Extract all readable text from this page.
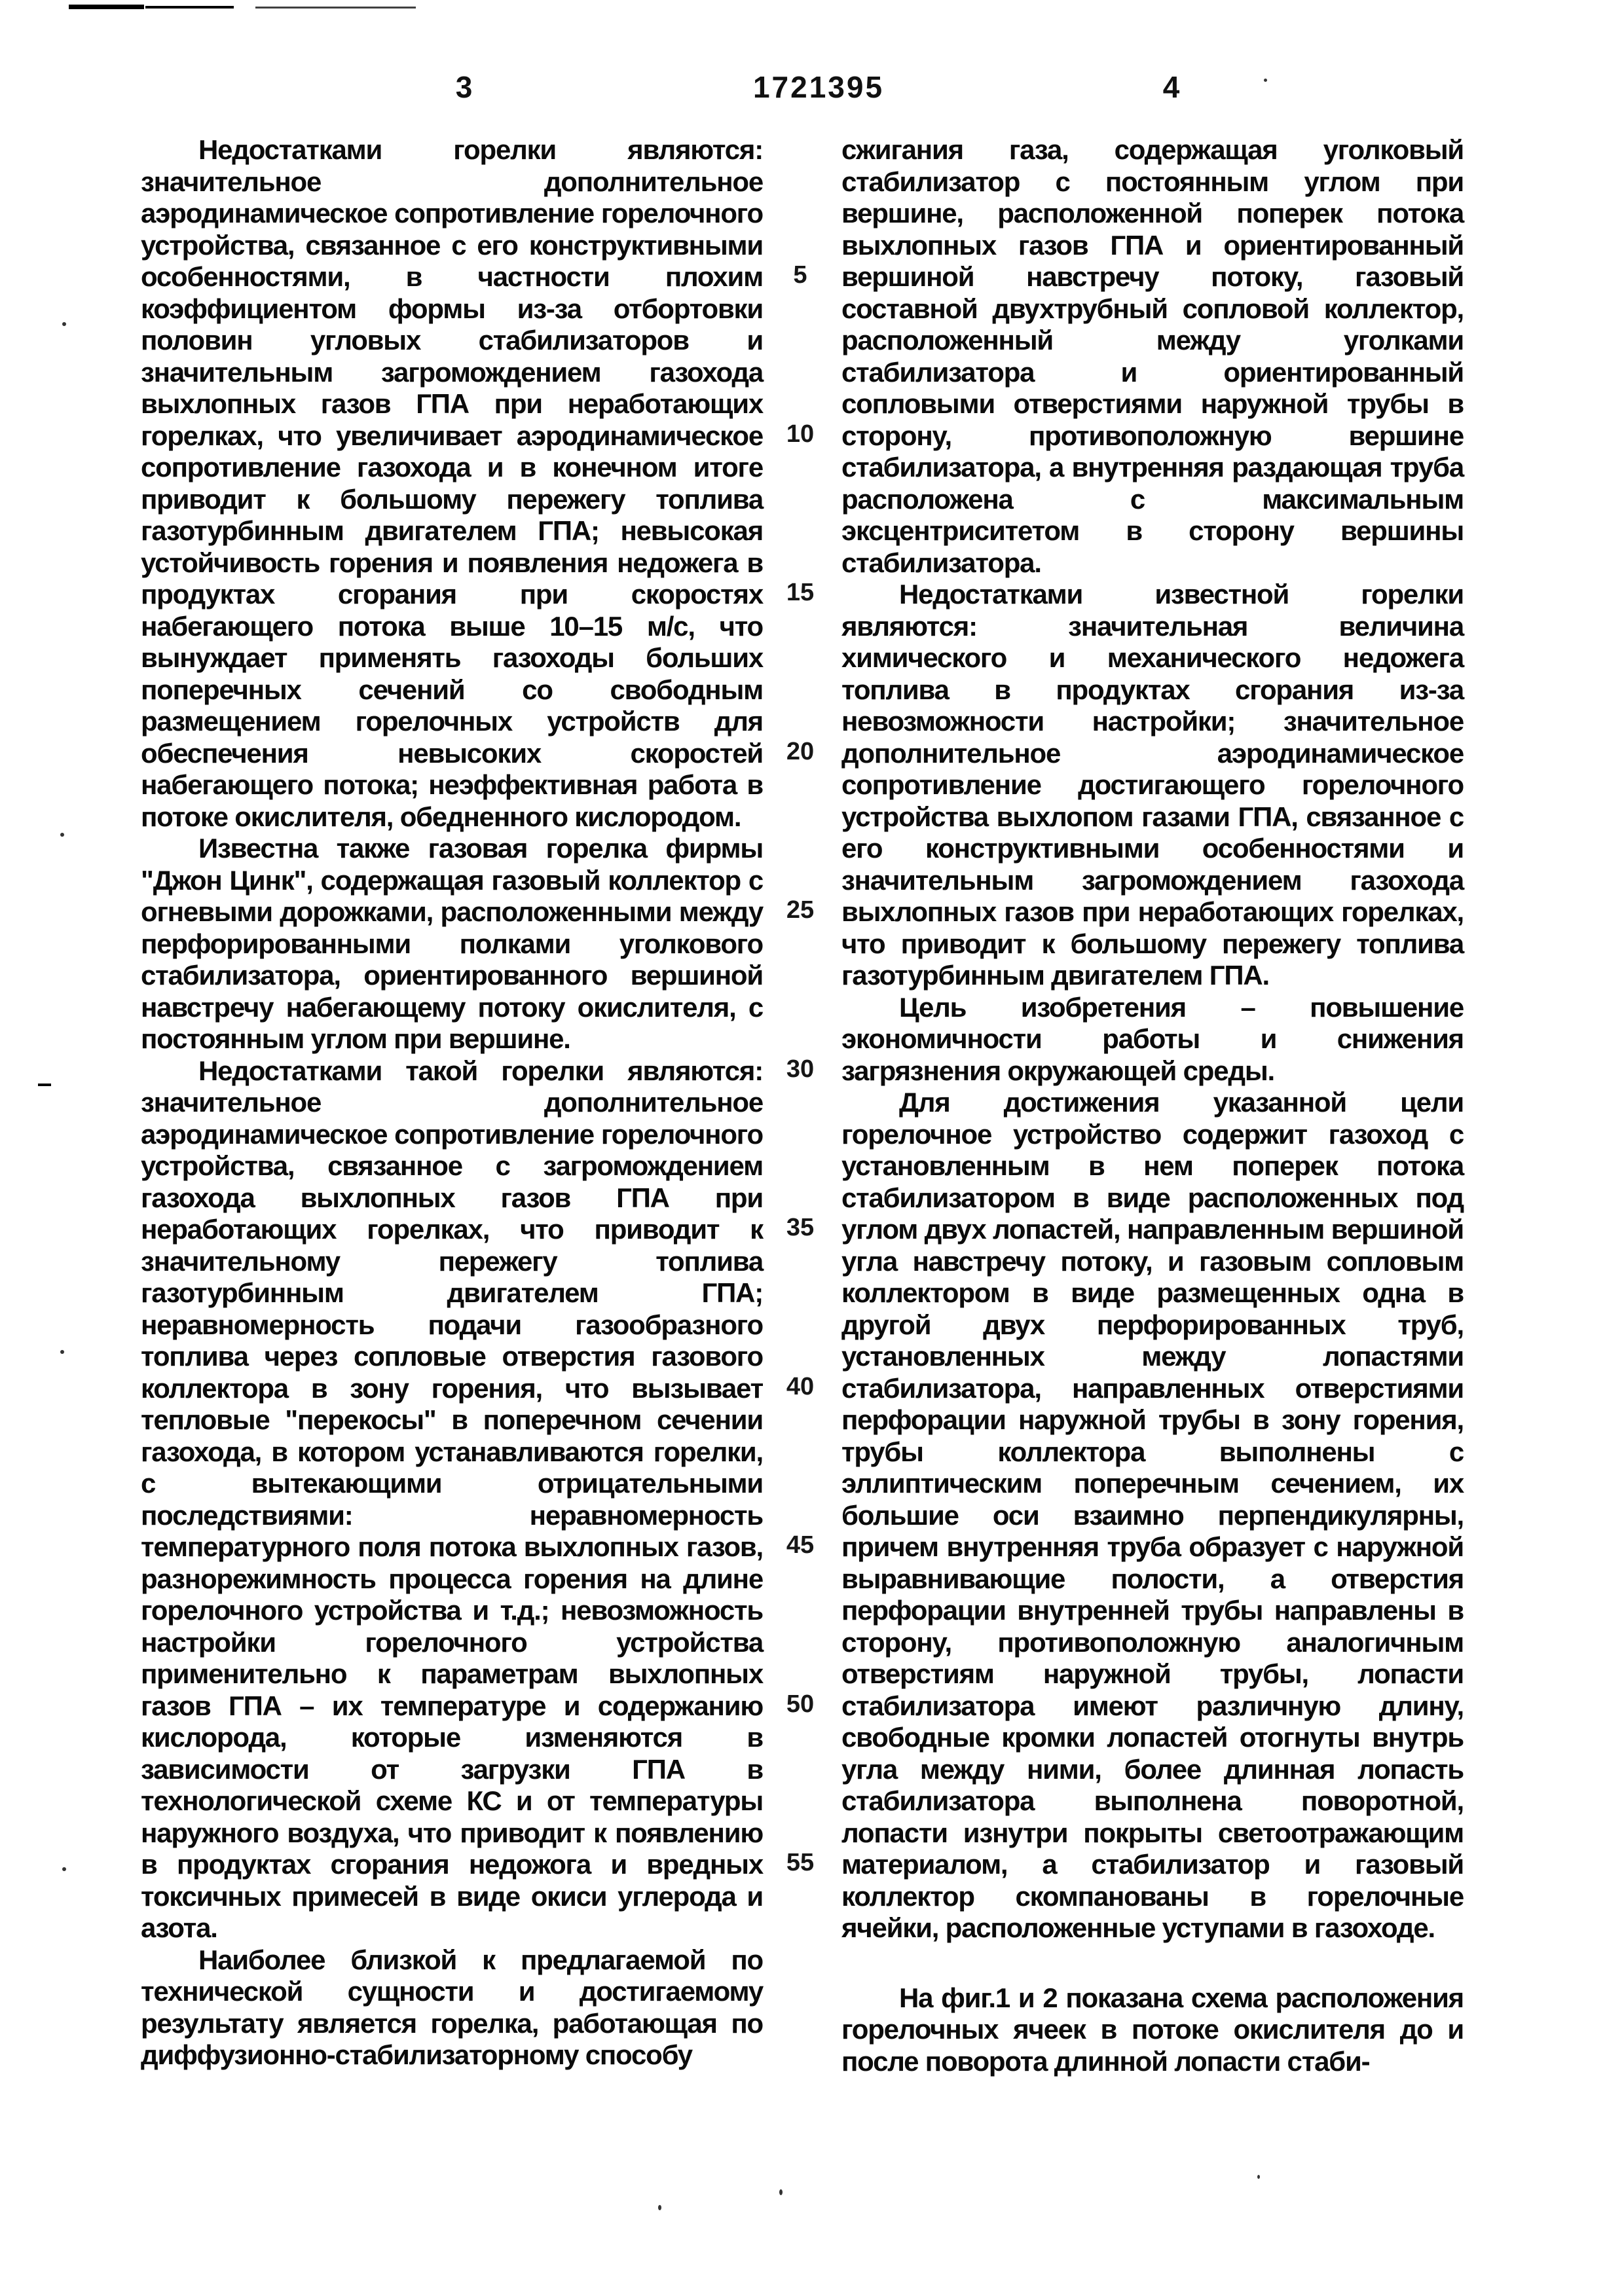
3	1721395	4

Недостатками горелки являются: значительное дополнительное аэродинамическое сопротивление горелочного устройства, связанное с его конструктивными особенностями, в частности плохим коэффициентом формы из-за отбортовки половин угловых стабилизаторов и значительным загромождением газохода выхлопных газов ГПА при неработающих горелках, что увеличивает аэродинамическое сопротивление газохода и в конечном итоге приводит к большому пережегу топлива газотурбинным двигателем ГПА; невысокая устойчивость горения и появления недожега в продуктах сгорания при скоростях набегающего потока выше 10–15 м/с, что вынуждает применять газоходы больших поперечных сечений со свободным размещением горелочных устройств для обеспечения невысоких скоростей набегающего потока; неэффективная работа в потоке окислителя, обедненного кислородом.

Известна также газовая горелка фирмы "Джон Цинк", содержащая газовый коллектор с огневыми дорожками, расположенными между перфорированными полками уголкового стабилизатора, ориентированного вершиной навстречу набегающему потоку окислителя, с постоянным углом при вершине.

Недостатками такой горелки являются: значительное дополнительное аэродинамическое сопротивление горелочного устройства, связанное с загромождением газохода выхлопных газов ГПА при неработающих горелках, что приводит к значительному пережегу топлива газотурбинным двигателем ГПА; неравномерность подачи газообразного топлива через сопловые отверстия газового коллектора в зону горения, что вызывает тепловые "перекосы" в поперечном сечении газохода, в котором устанавливаются горелки, с вытекающими отрицательными последствиями: неравномерность температурного поля потока выхлопных газов, разнорежимность процесса горения на длине горелочного устройства и т.д.; невозможность настройки горелочного устройства применительно к параметрам выхлопных газов ГПА – их температуре и содержанию кислорода, которые изменяются в зависимости от загрузки ГПА в технологической схеме КС и от температуры наружного воздуха, что приводит к появлению в продуктах сгорания недожога и вредных токсичных примесей в виде окиси углерода и азота.

Наиболее близкой к предлагаемой по технической сущности и достигаемому результату является горелка, работающая по диффузионно-стабилизаторному способу

сжигания газа, содержащая уголковый стабилизатор с постоянным углом при вершине, расположенной поперек потока выхлопных газов ГПА и ориентированный вершиной навстречу потоку, газовый составной двухтрубный сопловой коллектор, расположенный между уголками стабилизатора и ориентированный сопловыми отверстиями наружной трубы в сторону, противоположную вершине стабилизатора, а внутренняя раздающая труба расположена с максимальным эксцентриситетом в сторону вершины стабилизатора.

Недостатками известной горелки являются: значительная величина химического и механического недожега топлива в продуктах сгорания из-за невозможности настройки; значительное дополнительное аэродинамическое сопротивление достигающего горелочного устройства выхлопом газами ГПА, связанное с его конструктивными особенностями и значительным загромождением газохода выхлопных газов при неработающих горелках, что приводит к большому пережегу топлива газотурбинным двигателем ГПА.

Цель изобретения – повышение экономичности работы и снижения загрязнения окружающей среды.

Для достижения указанной цели горелочное устройство содержит газоход с установленным в нем поперек потока стабилизатором в виде расположенных под углом двух лопастей, направленным вершиной угла навстречу потоку, и газовым сопловым коллектором в виде размещенных одна в другой двух перфорированных труб, установленных между лопастями стабилизатора, направленных отверстиями перфорации наружной трубы в зону горения, трубы коллектора выполнены с эллиптическим поперечным сечением, их большие оси взаимно перпендикулярны, причем внутренняя труба образует с наружной выравнивающие полости, а отверстия перфорации внутренней трубы направлены в сторону, противоположную аналогичным отверстиям наружной трубы, лопасти стабилизатора имеют различную длину, свободные кромки лопастей отогнуты внутрь угла между ними, более длинная лопасть стабилизатора выполнена поворотной, лопасти изнутри покрыты светоотражающим материалом, а стабилизатор и газовый коллектор скомпанованы в горелочные ячейки, расположенные уступами в газоходе.

На фиг.1 и 2 показана схема расположения горелочных ячеек в потоке окислителя до и после поворота длинной лопасти стаби-

5
10
15
20
25
30
35
40
45
50
55
